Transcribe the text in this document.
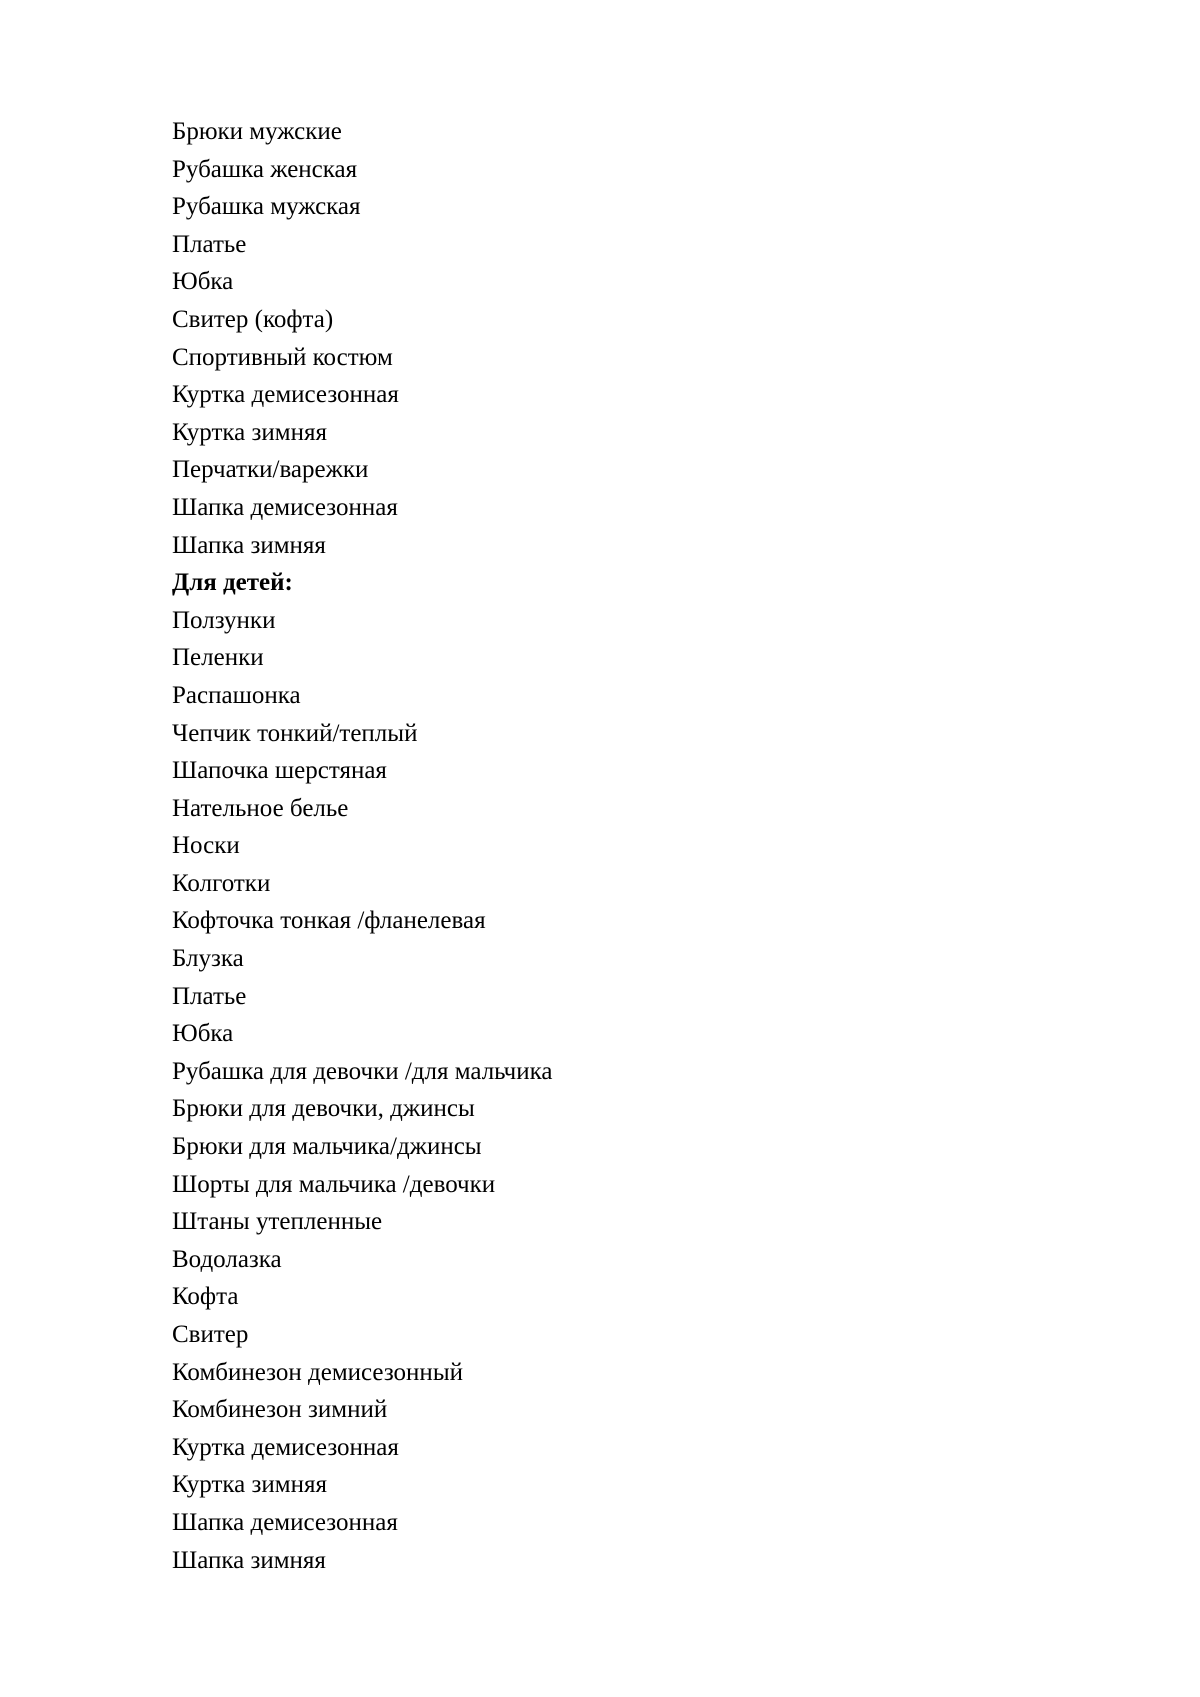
Брюки мужские
Рубашка женская
Рубашка мужская
Платье
Юбка
Свитер (кофта)
Спортивный костюм
Куртка демисезонная
Куртка зимняя
Перчатки/варежки
Шапка демисезонная
Шапка зимняя
Для детей:
Ползунки
Пеленки
Распашонка
Чепчик тонкий/теплый
Шапочка шерстяная
Нательное белье
Носки
Колготки
Кофточка тонкая /фланелевая
Блузка
Платье
Юбка
Рубашка для девочки /для мальчика
Брюки для девочки, джинсы
Брюки для мальчика/джинсы
Шорты для мальчика /девочки
Штаны утепленные
Водолазка
Кофта
Свитер
Комбинезон демисезонный
Комбинезон зимний
Куртка демисезонная
Куртка зимняя
Шапка демисезонная
Шапка зимняя
